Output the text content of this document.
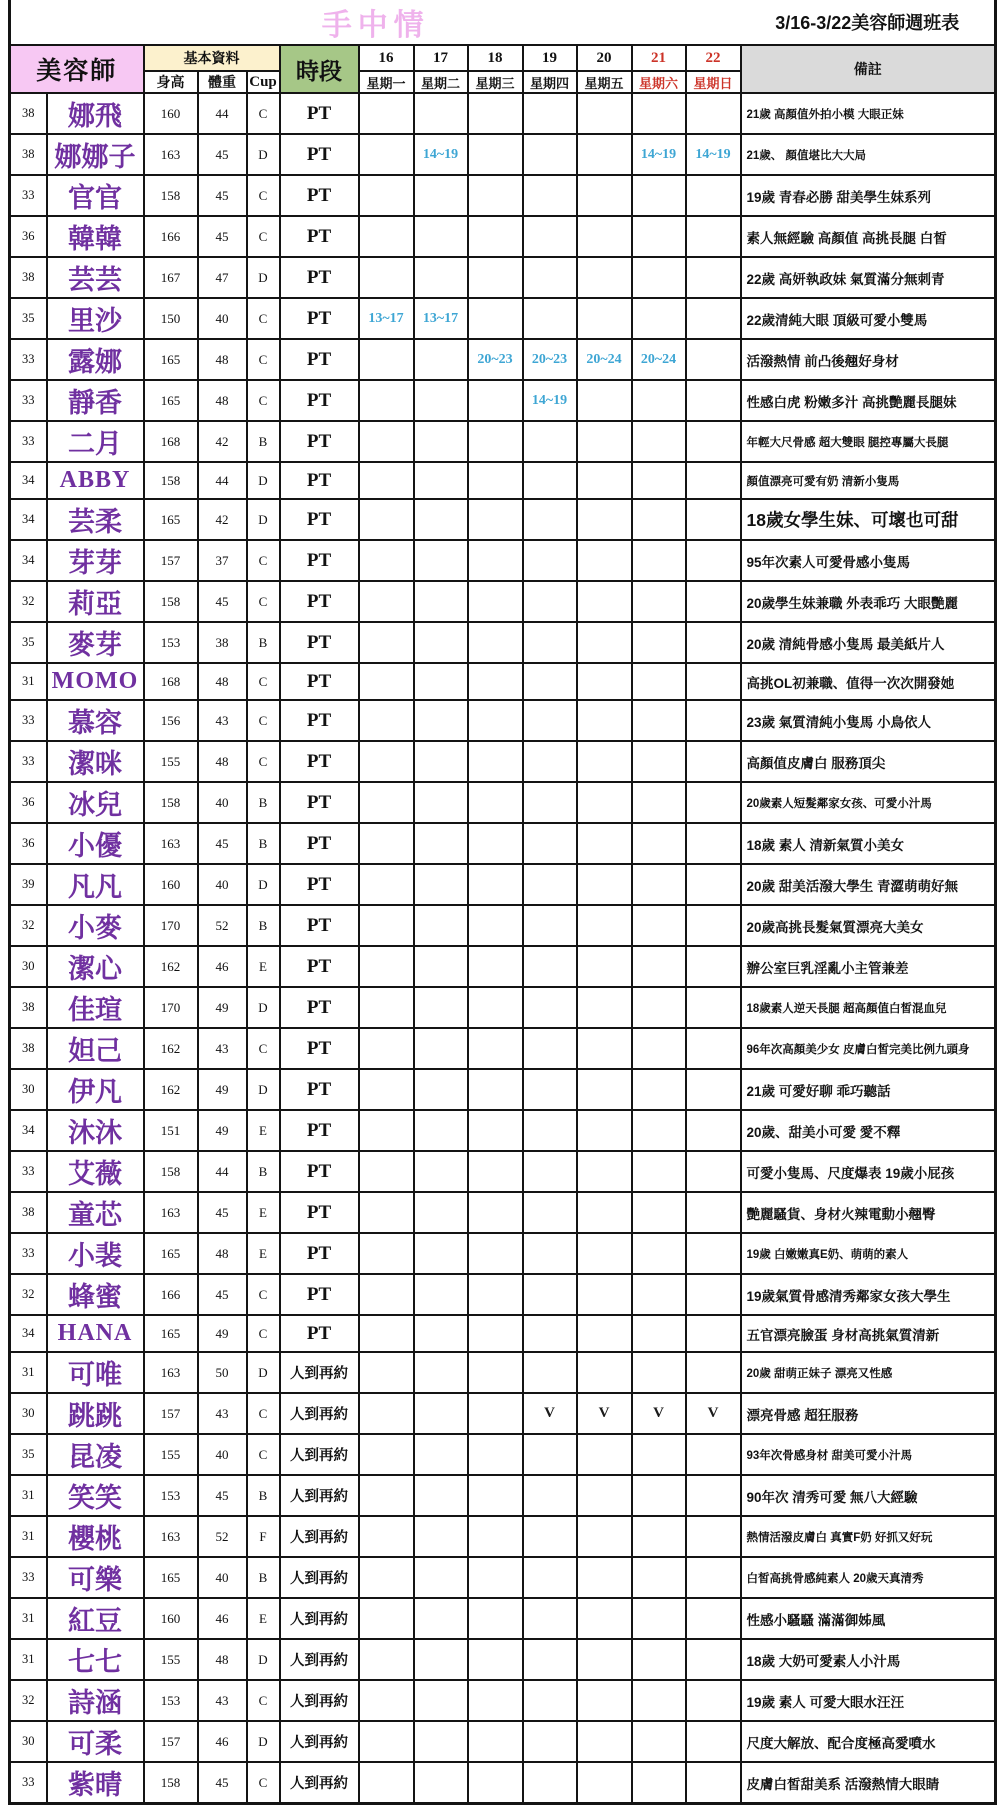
手中情													3/16-3/22美容師週班表
美容師		基本資料			時段	16	17	18	19	20	21	22	備註
		身高	體重	Cup		星期一	星期二	星期三	星期四	星期五	星期六	星期日	
38	娜飛	160	44	C	PT								21歲 高顏值外拍小模 大眼正妹
38	娜娜子	163	45	D	PT		14~19				14~19	14~19	21歲、 顏值堪比大大局
33	官官	158	45	C	PT								19歲 青春必勝 甜美學生妹系列
36	韓韓	166	45	C	PT								素人無經驗 高顏值 高挑長腿 白皙
38	芸芸	167	47	D	PT								22歲 高妍執政妹 氣質滿分無刺青
35	里沙	150	40	C	PT	13~17	13~17						22歲清純大眼 頂級可愛小雙馬
33	露娜	165	48	C	PT			20~23	20~23	20~24	20~24		活潑熱情 前凸後翹好身材
33	靜香	165	48	C	PT				14~19				性感白虎 粉嫩多汁 高挑艷麗長腿妹
33	二月	168	42	B	PT								年輕大尺骨感 超大雙眼 腿控專屬大長腿
34	ABBY	158	44	D	PT								顏值漂亮可愛有奶 清新小隻馬
34	芸柔	165	42	D	PT								18歲女學生妹、可壞也可甜
34	芽芽	157	37	C	PT								95年次素人可愛骨感小隻馬
32	莉亞	158	45	C	PT								20歲學生妹兼職 外表乖巧 大眼艷麗
35	麥芽	153	38	B	PT								20歲 清純骨感小隻馬 最美紙片人
31	MOMO	168	48	C	PT								高挑OL初兼職、值得一次次開發她
33	慕容	156	43	C	PT								23歲 氣質清純小隻馬 小鳥依人
33	潔咪	155	48	C	PT								高顏值皮膚白 服務頂尖
36	冰兒	158	40	B	PT								20歲素人短髮鄰家女孩、可愛小汁馬
36	小優	163	45	B	PT								18歲 素人 清新氣質小美女
39	凡凡	160	40	D	PT								20歲 甜美活潑大學生 青澀萌萌好無
32	小麥	170	52	B	PT								20歲高挑長髮氣質漂亮大美女
30	潔心	162	46	E	PT								辦公室巨乳淫亂小主管兼差
38	佳瑄	170	49	D	PT								18歲素人逆天長腿 超高顏值白皙混血兒
38	妲己	162	43	C	PT								96年次高顏美少女 皮膚白皙完美比例九頭身
30	伊凡	162	49	D	PT								21歲 可愛好聊 乖巧聽話
34	沐沐	151	49	E	PT								20歲、甜美小可愛 愛不釋
33	艾薇	158	44	B	PT								可愛小隻馬、尺度爆表 19歲小屁孩
38	童芯	163	45	E	PT								艷麗騷貨、身材火辣電動小翹臀
33	小裴	165	48	E	PT								19歲 白嫩嫩真E奶、萌萌的素人
32	蜂蜜	166	45	C	PT								19歲氣質骨感清秀鄰家女孩大學生
34	HANA	165	49	C	PT								五官漂亮臉蛋 身材高挑氣質清新
31	可唯	163	50	D	人到再約								20歲 甜萌正妹子 漂亮又性感
30	跳跳	157	43	C	人到再約				V	V	V	V	漂亮骨感 超狂服務
35	昆凌	155	40	C	人到再約								93年次骨感身材 甜美可愛小汁馬
31	笑笑	153	45	B	人到再約								90年次 清秀可愛 無八大經驗
31	櫻桃	163	52	F	人到再約								熱情活潑皮膚白 真實F奶 好抓又好玩
33	可樂	165	40	B	人到再約								白皙高挑骨感純素人 20歲天真清秀
31	紅豆	160	46	E	人到再約								性感小騷騷 滿滿御姊風
31	七七	155	48	D	人到再約								18歲 大奶可愛素人小汁馬
32	詩涵	153	43	C	人到再約								19歲 素人 可愛大眼水汪汪
30	可柔	157	46	D	人到再約								尺度大解放、配合度極高愛噴水
33	紫晴	158	45	C	人到再約								皮膚白皙甜美系 活潑熱情大眼睛
